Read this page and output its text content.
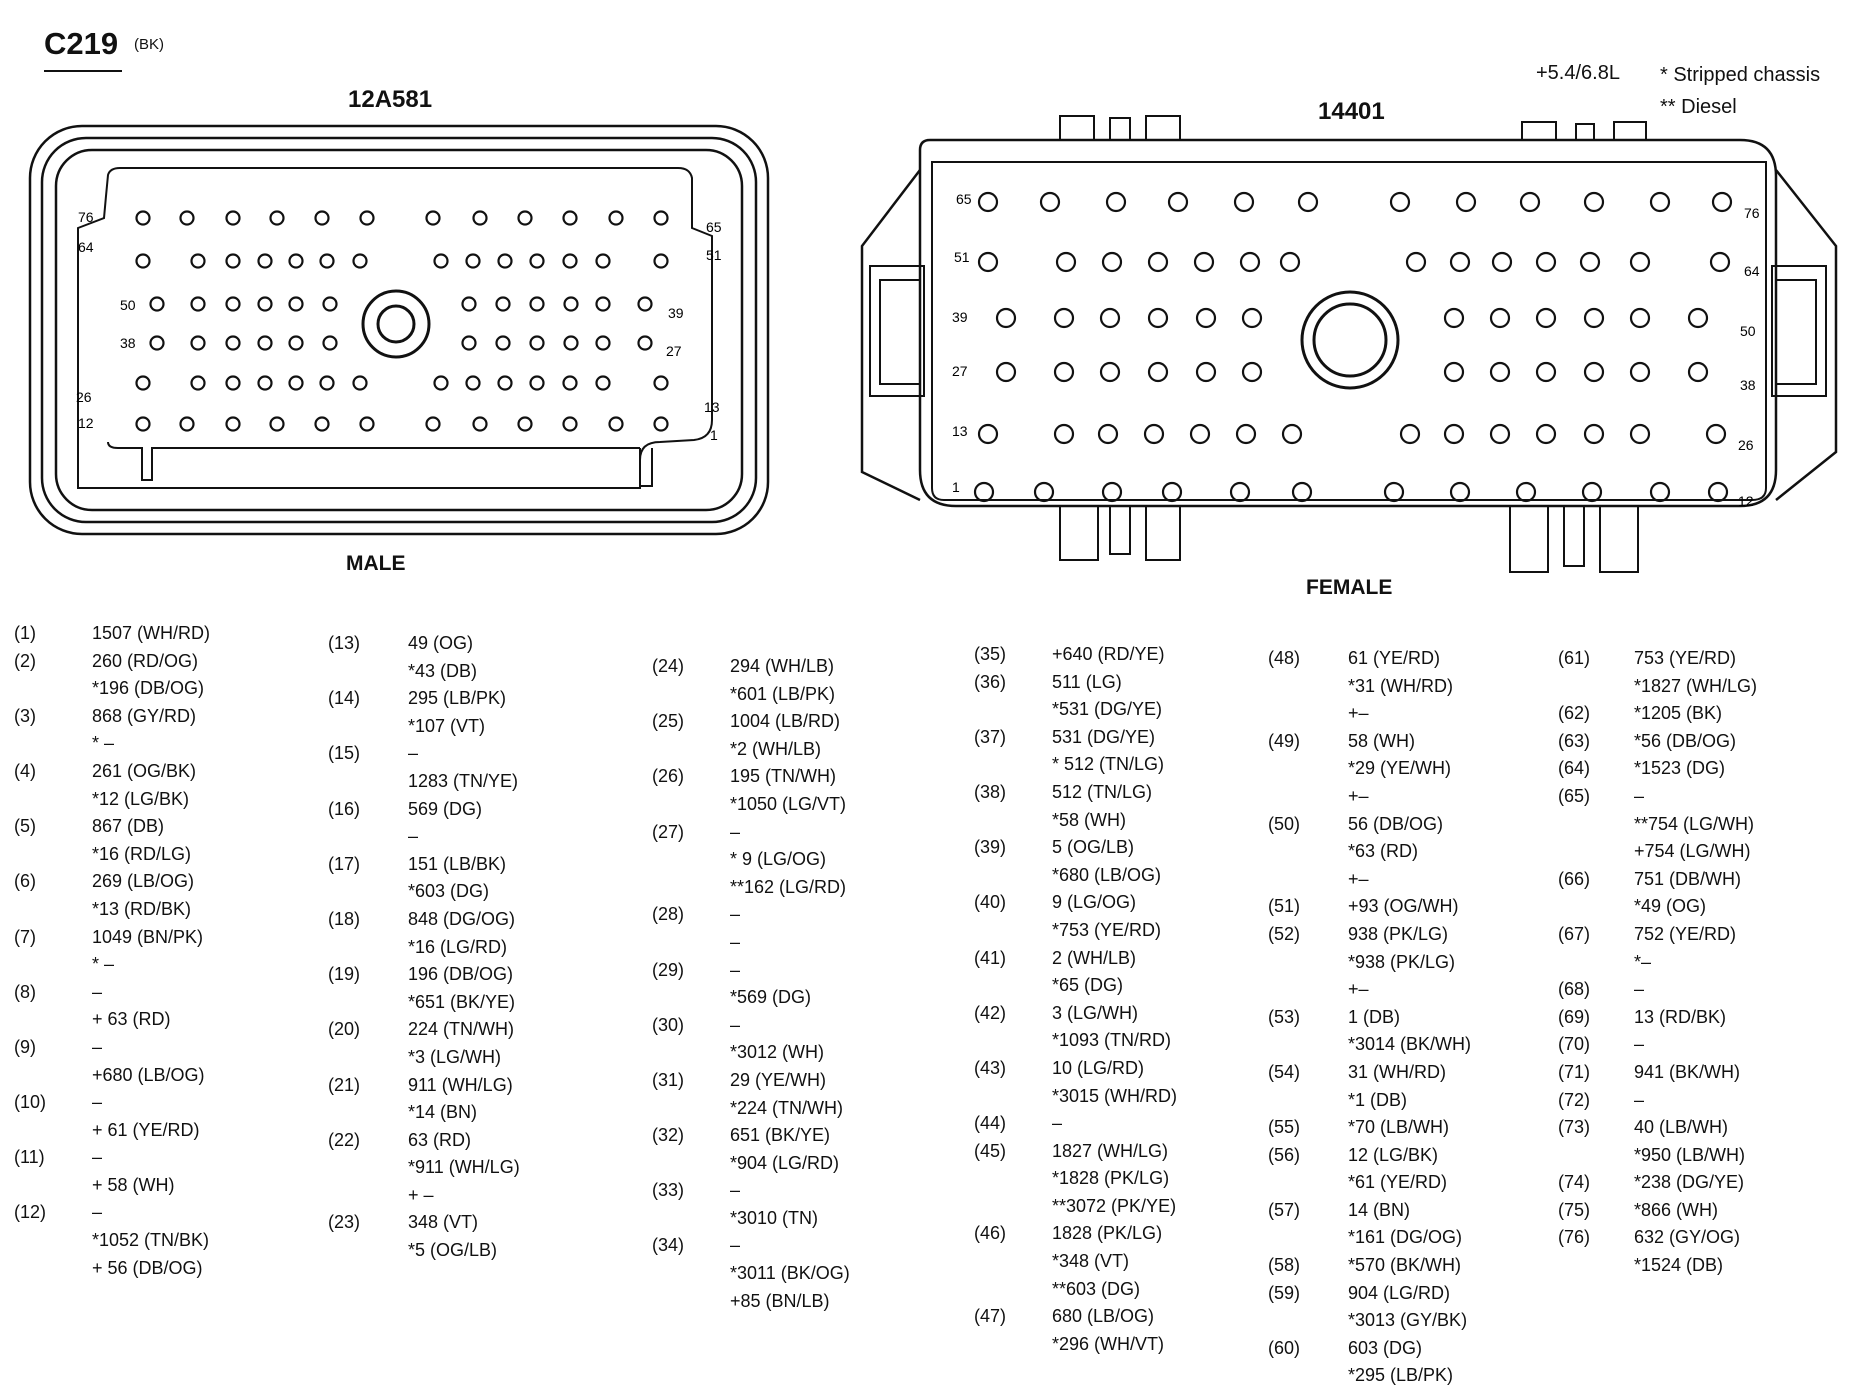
C219 (BK)
12A581	14401
MALE
FEMALE
+5.4/6.8L * Stripped chassis
** Diesel
76
64
50
38
26
12
65
51
39
27
13
1
65
51
39
27
13
1
76
64
50
38
26
12
(1)	1507 (WH/RD)
(2)	260 (RD/OG)
*196 (DB/OG)
(3)	868 (GY/RD)
* –
(4)	261 (OG/BK)
*12 (LG/BK)
(5)	867 (DB)
*16 (RD/LG)
(6)	269 (LB/OG)
*13 (RD/BK)
(7)	1049 (BN/PK)
* –
(8)	–
+ 63 (RD)
(9)	–
+680 (LB/OG)
(10)	–
+ 61 (YE/RD)
(11)	–
+ 58 (WH)
(12)	–
*1052 (TN/BK)
+ 56 (DB/OG)
(13)	49 (OG)
*43 (DB)
(14)	295 (LB/PK)
*107 (VT)
(15)	–
1283 (TN/YE)
(16)	569 (DG)
–
(17)	151 (LB/BK)
*603 (DG)
(18)	848 (DG/OG)
*16 (LG/RD)
(19)	196 (DB/OG)
*651 (BK/YE)
(20)	224 (TN/WH)
*3 (LG/WH)
(21)	911 (WH/LG)
*14 (BN)
(22)	63 (RD)
*911 (WH/LG)
+ –
(23)	348 (VT)
*5 (OG/LB)
(24)	294 (WH/LB)
*601 (LB/PK)
(25)	1004 (LB/RD)
*2 (WH/LB)
(26)	195 (TN/WH)
*1050 (LG/VT)
(27)	–
* 9 (LG/OG)
**162 (LG/RD)
(28)	–
–
(29)	–
*569 (DG)
(30)	–
*3012 (WH)
(31)	29 (YE/WH)
*224 (TN/WH)
(32)	651 (BK/YE)
*904 (LG/RD)
(33)	–
*3010 (TN)
(34)	–
*3011 (BK/OG)
+85 (BN/LB)
(35)	+640 (RD/YE)
(36)	511 (LG)
*531 (DG/YE)
(37)	531 (DG/YE)
* 512 (TN/LG)
(38)	512 (TN/LG)
*58 (WH)
(39)	5 (OG/LB)
*680 (LB/OG)
(40)	9 (LG/OG)
*753 (YE/RD)
(41)	2 (WH/LB)
*65 (DG)
(42)	3 (LG/WH)
*1093 (TN/RD)
(43)	10 (LG/RD)
*3015 (WH/RD)
(44)	–
(45)	1827 (WH/LG)
*1828 (PK/LG)
**3072 (PK/YE)
(46)	1828 (PK/LG)
*348 (VT)
**603 (DG)
(47)	680 (LB/OG)
*296 (WH/VT)
(48)	61 (YE/RD)
*31 (WH/RD)
+–
(49)	58 (WH)
*29 (YE/WH)
+–
(50)	56 (DB/OG)
*63 (RD)
+–
(51)	+93 (OG/WH)
(52)	938 (PK/LG)
*938 (PK/LG)
+–
(53)	1 (DB)
*3014 (BK/WH)
(54)	31 (WH/RD)
*1 (DB)
(55)	*70 (LB/WH)
(56)	12 (LG/BK)
*61 (YE/RD)
(57)	14 (BN)
*161 (DG/OG)
(58)	*570 (BK/WH)
(59)	904 (LG/RD)
*3013 (GY/BK)
(60)	603 (DG)
*295 (LB/PK)
(61) 753 (YE/RD)
*1827 (WH/LG)
(62) *1205 (BK)
(63) *56 (DB/OG)
(64) *1523 (DG)
(65) –
**754 (LG/WH)
+754 (LG/WH)
(66) 751 (DB/WH)
*49 (OG)
(67) 752 (YE/RD)
*–
(68) –
(69) 13 (RD/BK)
(70) –
(71) 941 (BK/WH)
(72) –
(73) 40 (LB/WH)
*950 (LB/WH)
(74) *238 (DG/YE)
(75) *866 (WH)
(76) 632 (GY/OG)
*1524 (DB)
